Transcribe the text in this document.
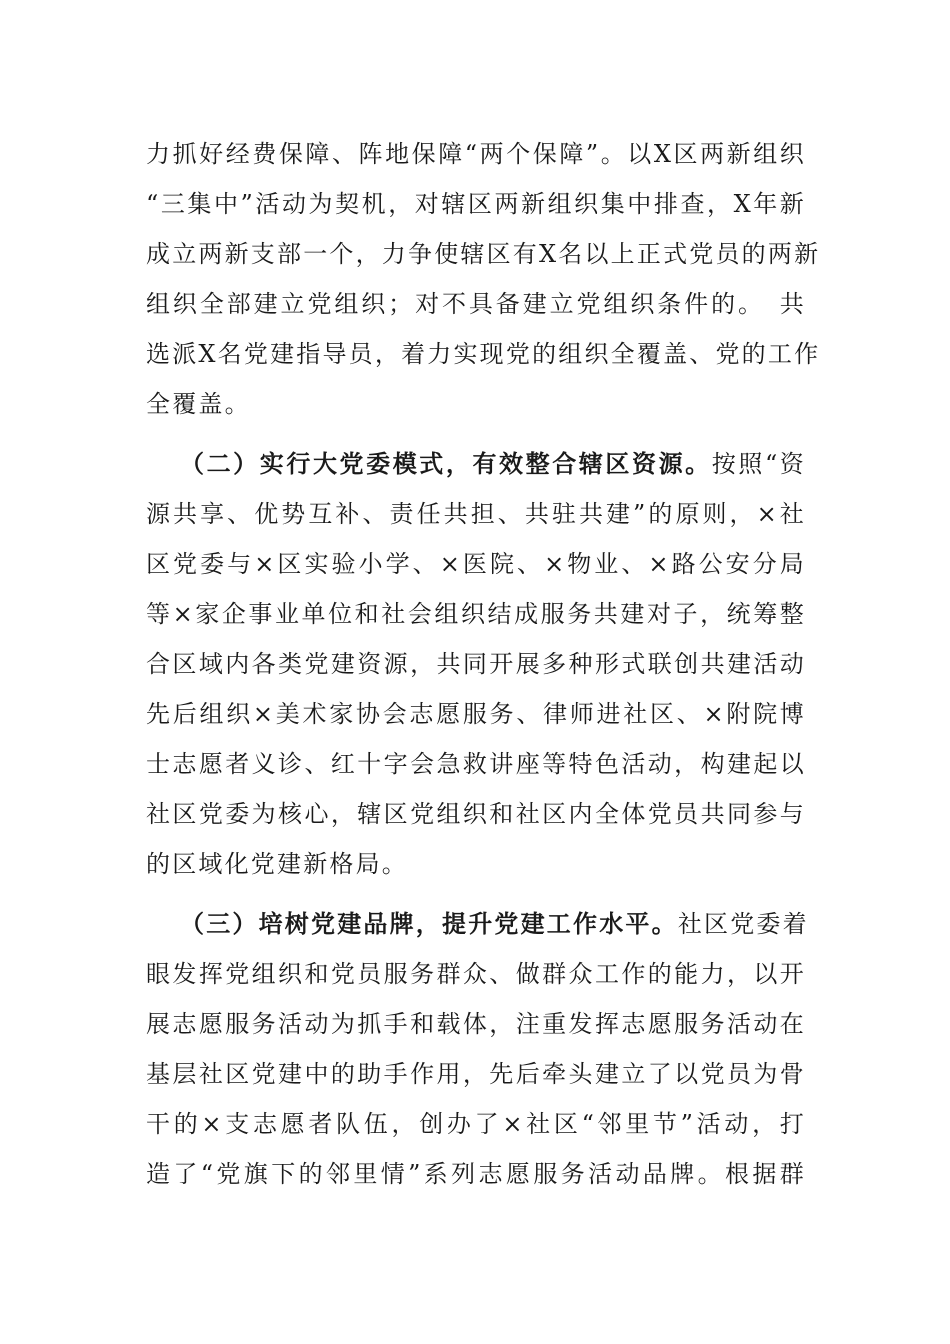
力抓好经费保障、阵地保障“两个保障”。以X区两新组织
“三集中”活动为契机，对辖区两新组织集中排查，X年新
成立两新支部一个，力争使辖区有X名以上正式党员的两新
组织全部建立党组织；对不具备建立党组织条件的。　共
选派X名党建指导员，着力实现党的组织全覆盖、党的工作
全覆盖。
（二）实行大党委模式，有效整合辖区资源。按照“资
源共享、优势互补、责任共担、共驻共建”的原则，×社
区党委与×区实验小学、×医院、×物业、×路公安分局
等×家企事业单位和社会组织结成服务共建对子，统筹整
合区域内各类党建资源，共同开展多种形式联创共建活动
先后组织×美术家协会志愿服务、律师进社区、×附院博
士志愿者义诊、红十字会急救讲座等特色活动，构建起以
社区党委为核心，辖区党组织和社区内全体党员共同参与
的区域化党建新格局。
（三）培树党建品牌，提升党建工作水平。社区党委着
眼发挥党组织和党员服务群众、做群众工作的能力，以开
展志愿服务活动为抓手和载体，注重发挥志愿服务活动在
基层社区党建中的助手作用，先后牵头建立了以党员为骨
干的×支志愿者队伍，创办了×社区“邻里节”活动，打
造了“党旗下的邻里情”系列志愿服务活动品牌。根据群
